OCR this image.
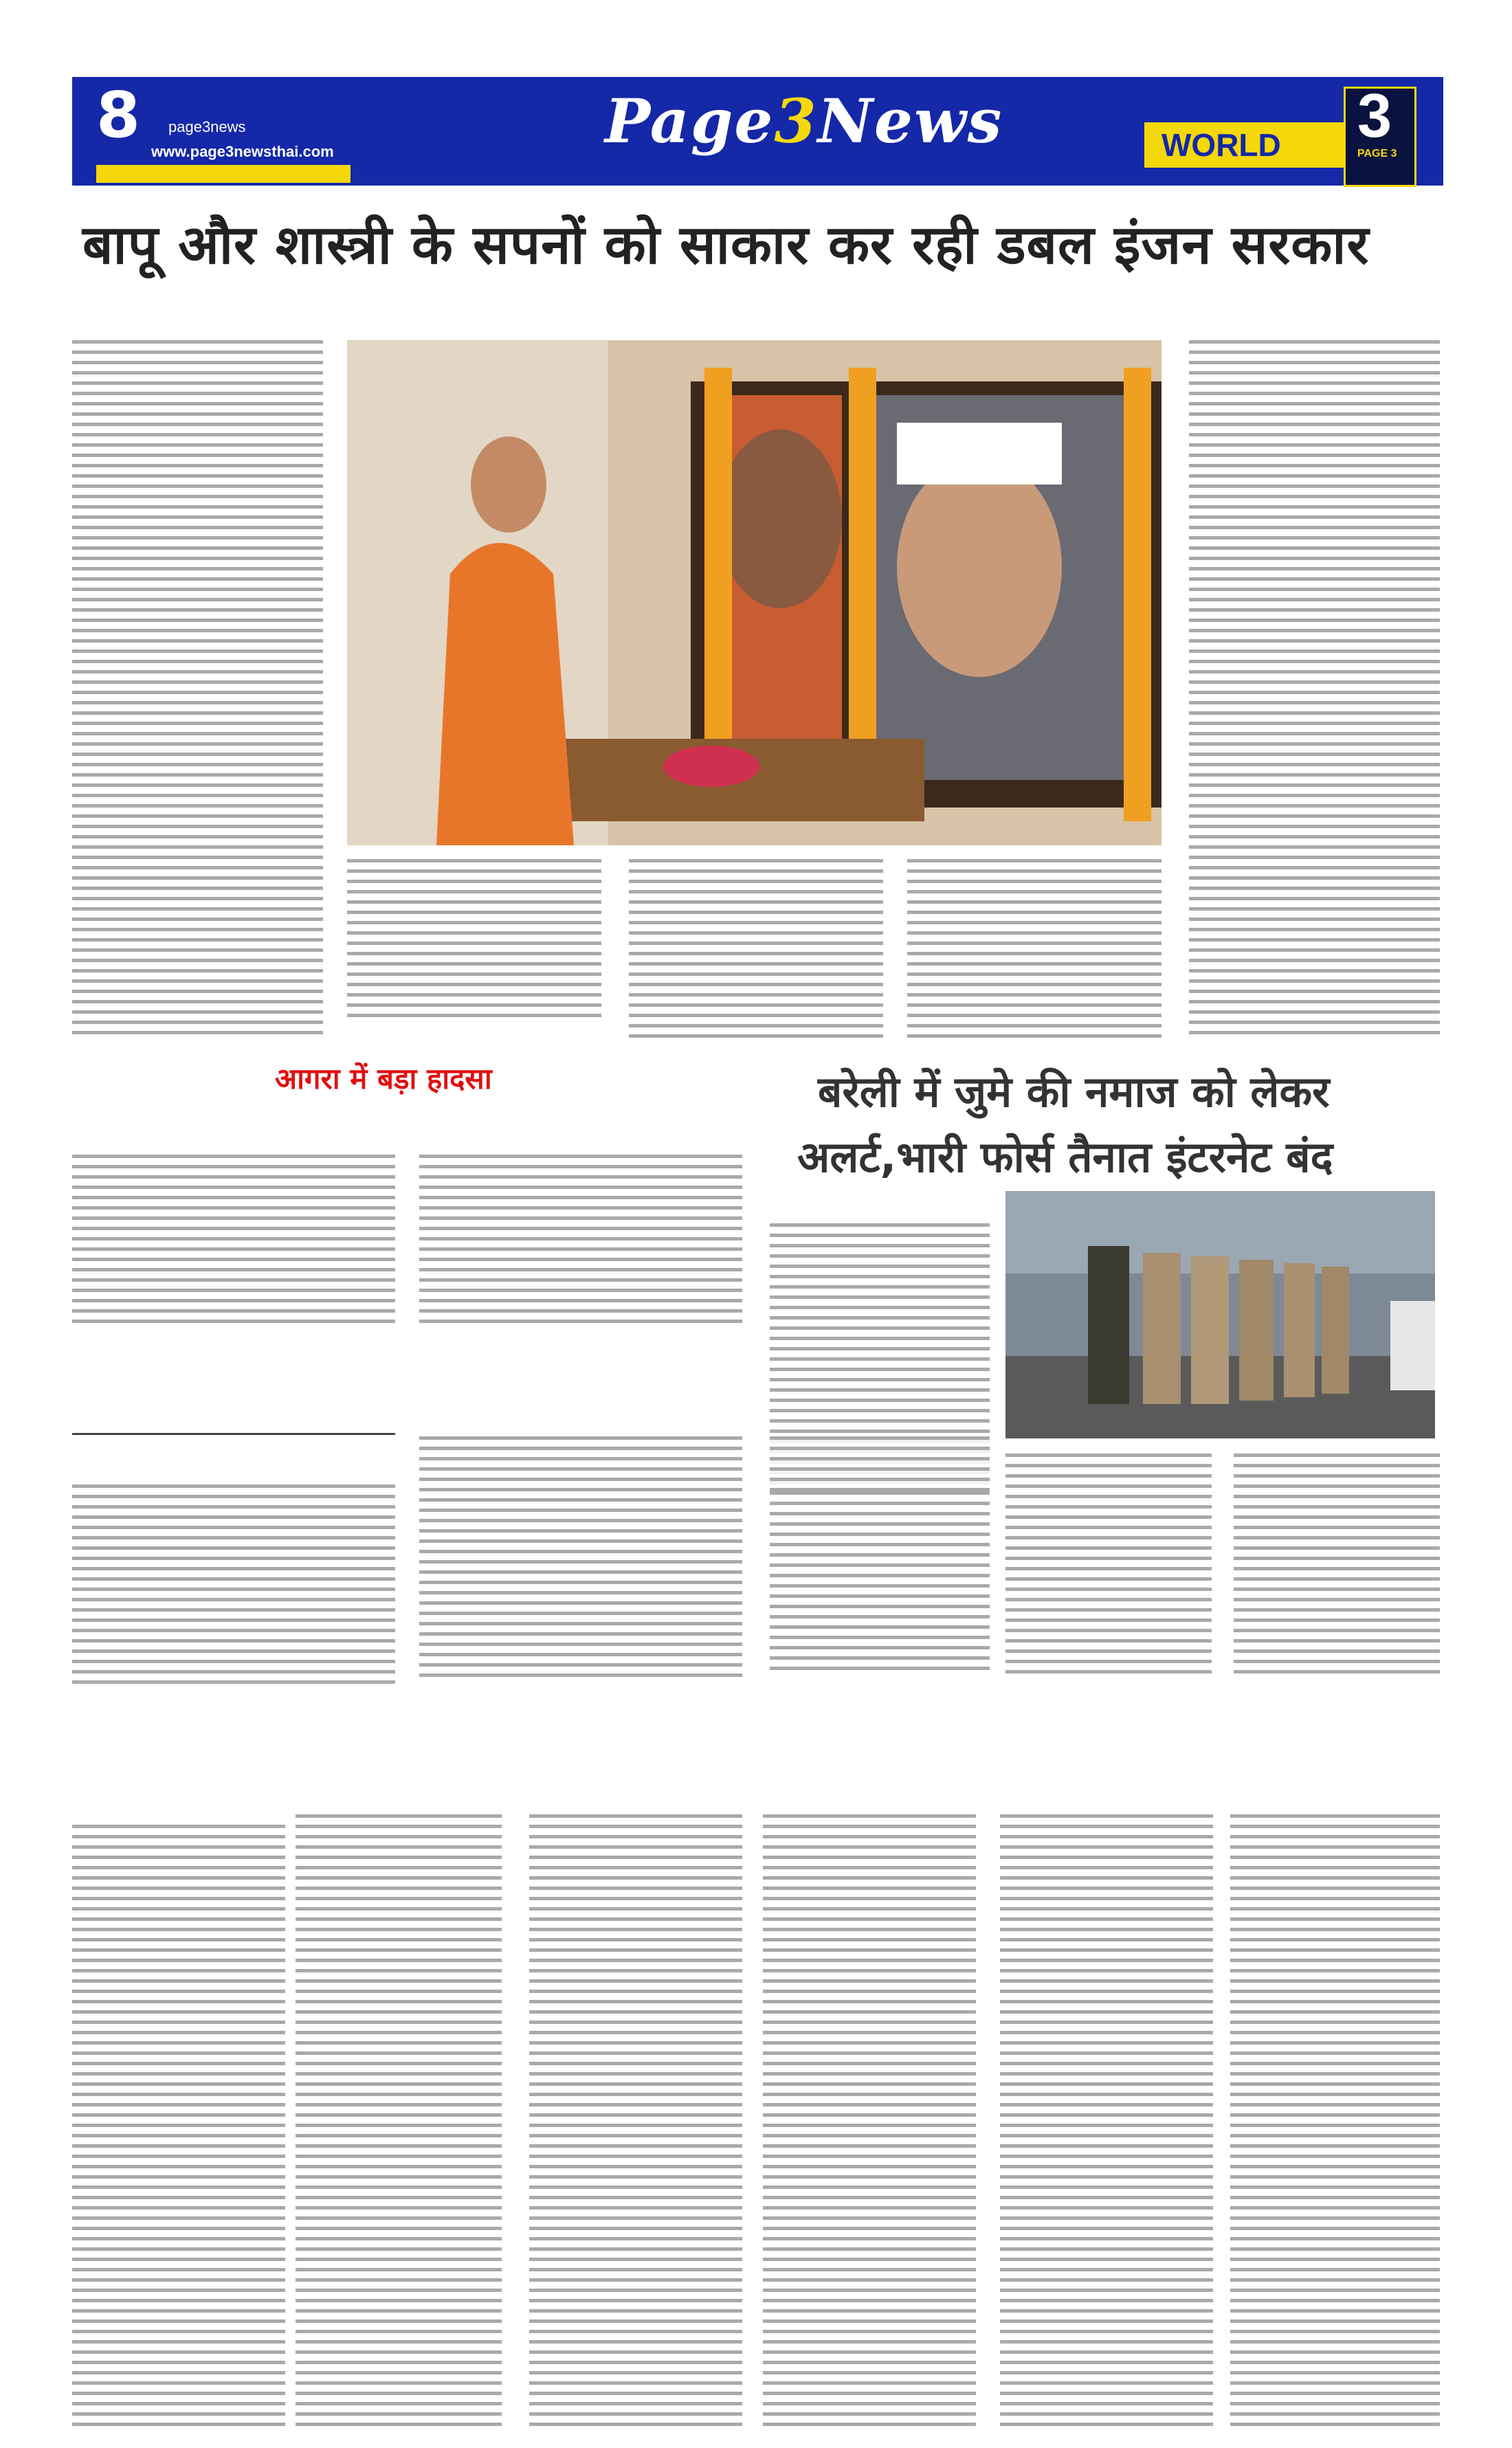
8 page3news
www.page3newsthai.com	Page3News	WORLD 3
PAGE 3
बापू और शास्त्री के सपनों को साकार कर रही डबल इंजन सरकार
आगरा में बड़ा हादसा	बरेली में जुमे की नमाज को लेकर
अलर्ट,भारी फोर्स तैनात इंटरनेट बंद
